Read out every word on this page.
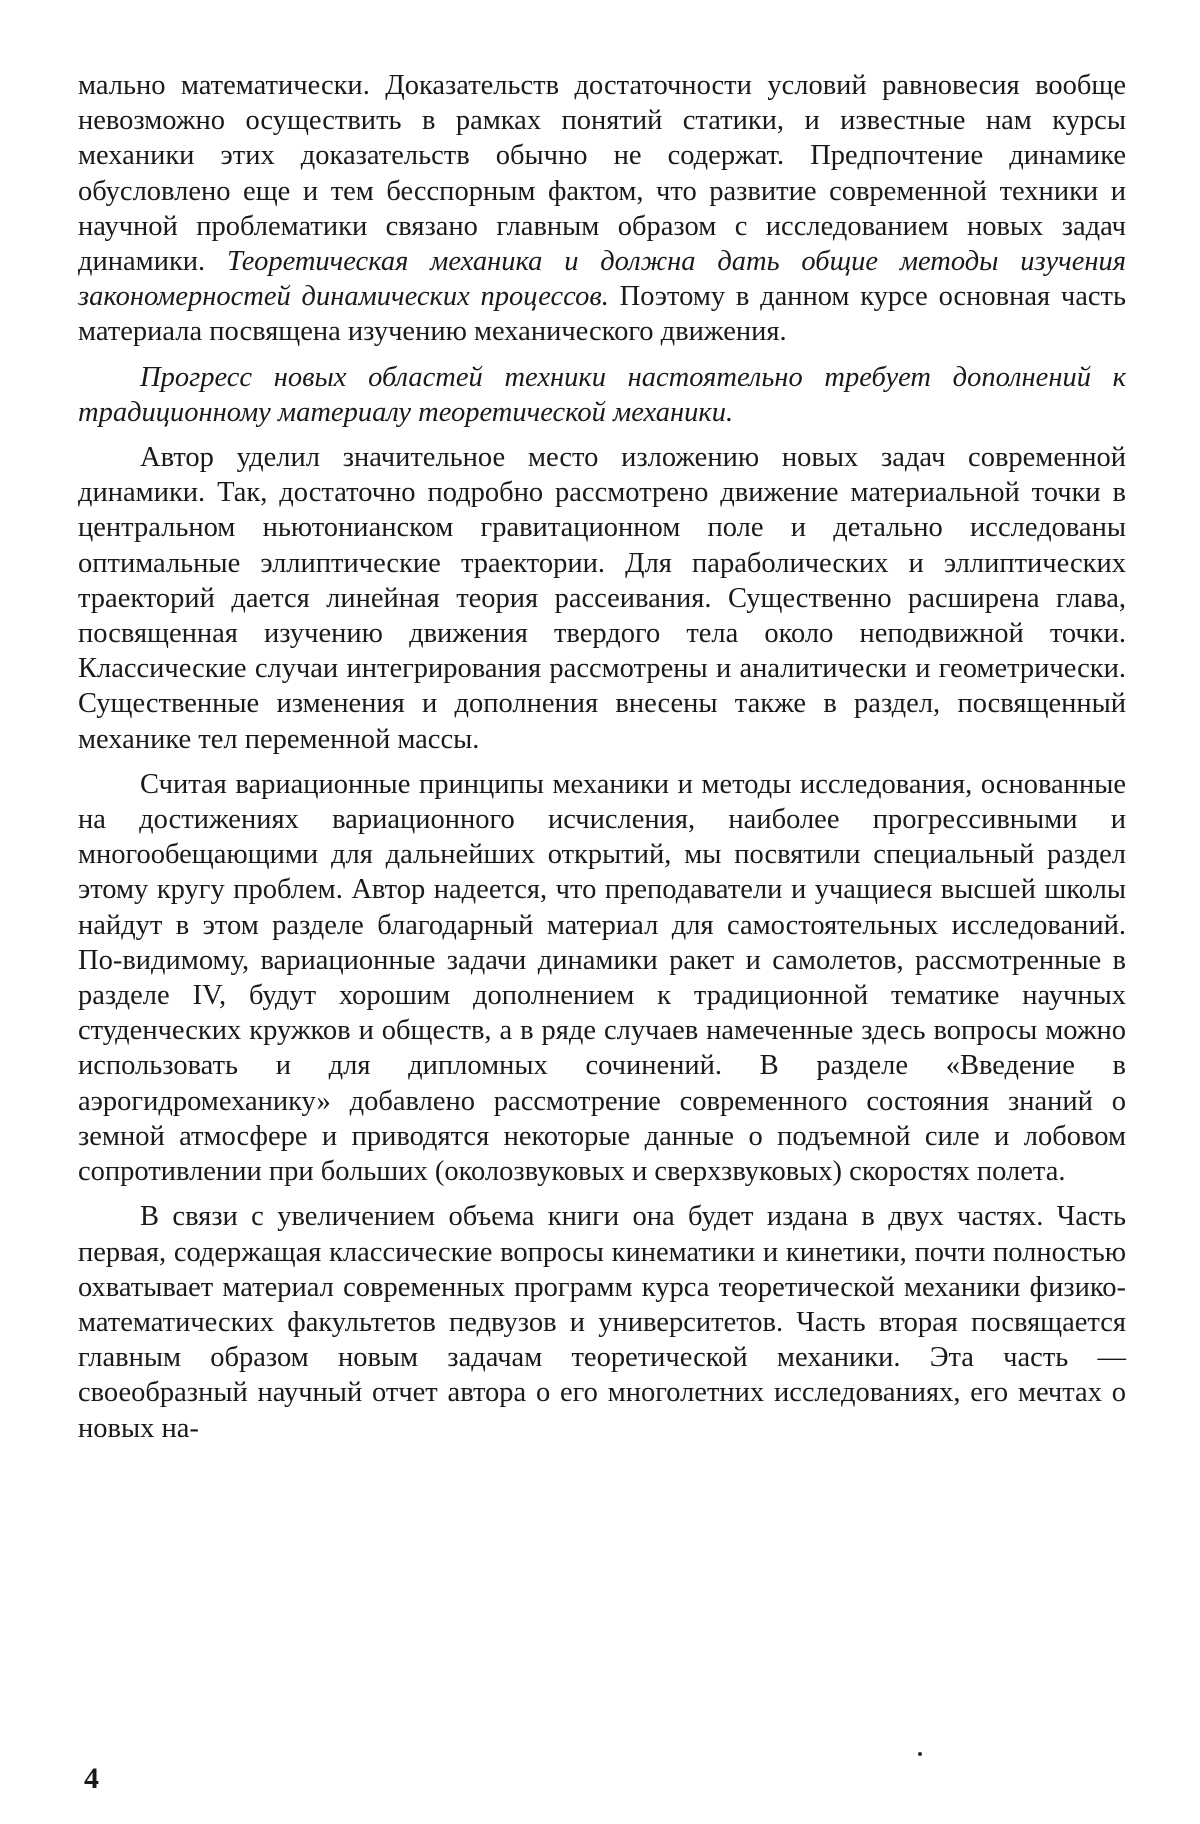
мально математически. Доказательств достаточности условий равновесия вообще невозможно осуществить в рамках понятий статики, и известные нам курсы механики этих доказательств обычно не содержат. Предпочтение динамике обусловлено еще и тем бесспорным фактом, что развитие современной техники и научной проблематики связано главным образом с исследованием новых задач динамики. Теоретическая механика и должна дать общие методы изучения закономерностей динамических процессов. Поэтому в данном курсе основная часть материала посвящена изучению механического движения.

Прогресс новых областей техники настоятельно требует дополнений к традиционному материалу теоретической механики.

Автор уделил значительное место изложению новых задач современной динамики. Так, достаточно подробно рассмотрено движение материальной точки в центральном ньютонианском гравитационном поле и детально исследованы оптимальные эллиптические траектории. Для параболических и эллиптических траекторий дается линейная теория рассеивания. Существенно расширена глава, посвященная изучению движения твердого тела около неподвижной точки. Классические случаи интегрирования рассмотрены и аналитически и геометрически. Существенные изменения и дополнения внесены также в раздел, посвященный механике тел переменной массы.

Считая вариационные принципы механики и методы исследования, основанные на достижениях вариационного исчисления, наиболее прогрессивными и многообещающими для дальнейших открытий, мы посвятили специальный раздел этому кругу проблем. Автор надеется, что преподаватели и учащиеся высшей школы найдут в этом разделе благодарный материал для самостоятельных исследований. По-видимому, вариационные задачи динамики ракет и самолетов, рассмотренные в разделе IV, будут хорошим дополнением к традиционной тематике научных студенческих кружков и обществ, а в ряде случаев намеченные здесь вопросы можно использовать и для дипломных сочинений. В разделе «Введение в аэрогидромеханику» добавлено рассмотрение современного состояния знаний о земной атмосфере и приводятся некоторые данные о подъемной силе и лобовом сопротивлении при больших (околозвуковых и сверхзвуковых) скоростях полета.

В связи с увеличением объема книги она будет издана в двух частях. Часть первая, содержащая классические вопросы кинематики и кинетики, почти полностью охватывает материал современных программ курса теоретической механики физико-математических факультетов педвузов и университетов. Часть вторая посвящается главным образом новым задачам теоретической механики. Эта часть — своеобразный научный отчет автора о его многолетних исследованиях, его мечтах о новых на-

4
